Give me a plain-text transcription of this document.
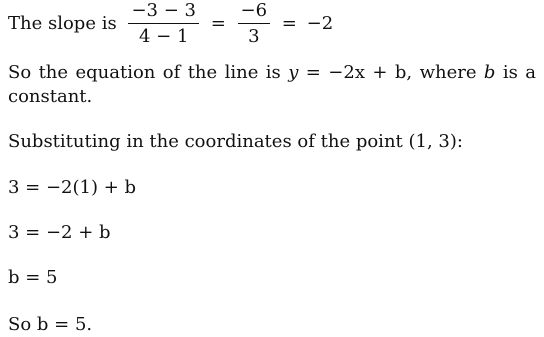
The slope is $\frac{-3 - 3}{4 - 1} = \frac{-6}{3} = -2$
So the equation of the line is y = −2x + b, where b is a
constant.
Substituting in the coordinates of the point (1, 3):
3 = −2(1) + b
3 = −2 + b
b = 5
So b = 5.
